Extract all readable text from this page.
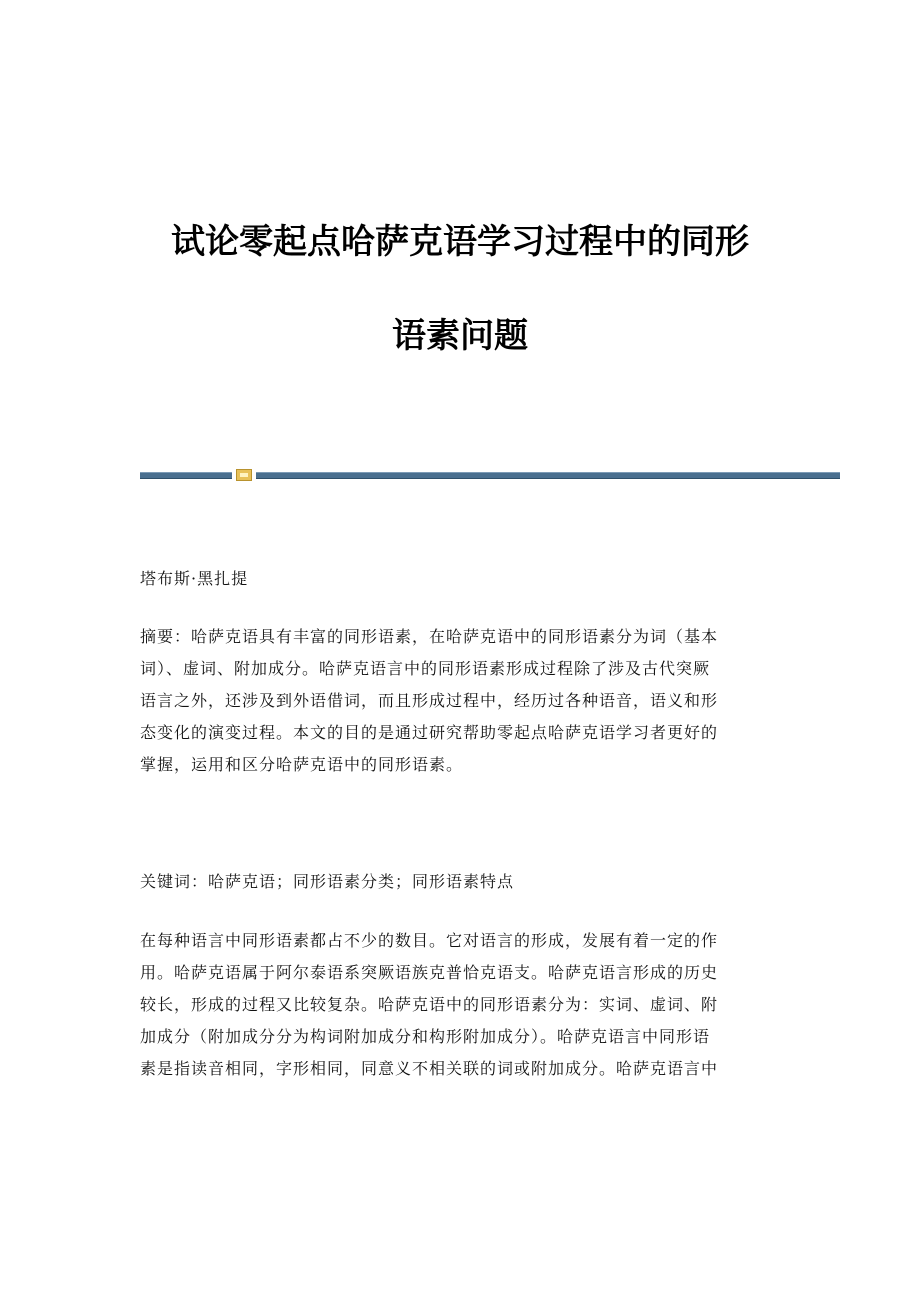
试论零起点哈萨克语学习过程中的同形
语素问题
塔布斯·黑扎提
摘要：哈萨克语具有丰富的同形语素，在哈萨克语中的同形语素分为词（基本
词）、虚词、附加成分。哈萨克语言中的同形语素形成过程除了涉及古代突厥
语言之外，还涉及到外语借词，而且形成过程中，经历过各种语音，语义和形
态变化的演变过程。本文的目的是通过研究帮助零起点哈萨克语学习者更好的
掌握，运用和区分哈萨克语中的同形语素。
关键词：哈萨克语；同形语素分类；同形语素特点
在每种语言中同形语素都占不少的数目。它对语言的形成，发展有着一定的作
用。哈萨克语属于阿尔泰语系突厥语族克普恰克语支。哈萨克语言形成的历史
较长，形成的过程又比较复杂。哈萨克语中的同形语素分为：实词、虚词、附
加成分（附加成分分为构词附加成分和构形附加成分）。哈萨克语言中同形语
素是指读音相同，字形相同，同意义不相关联的词或附加成分。哈萨克语言中
